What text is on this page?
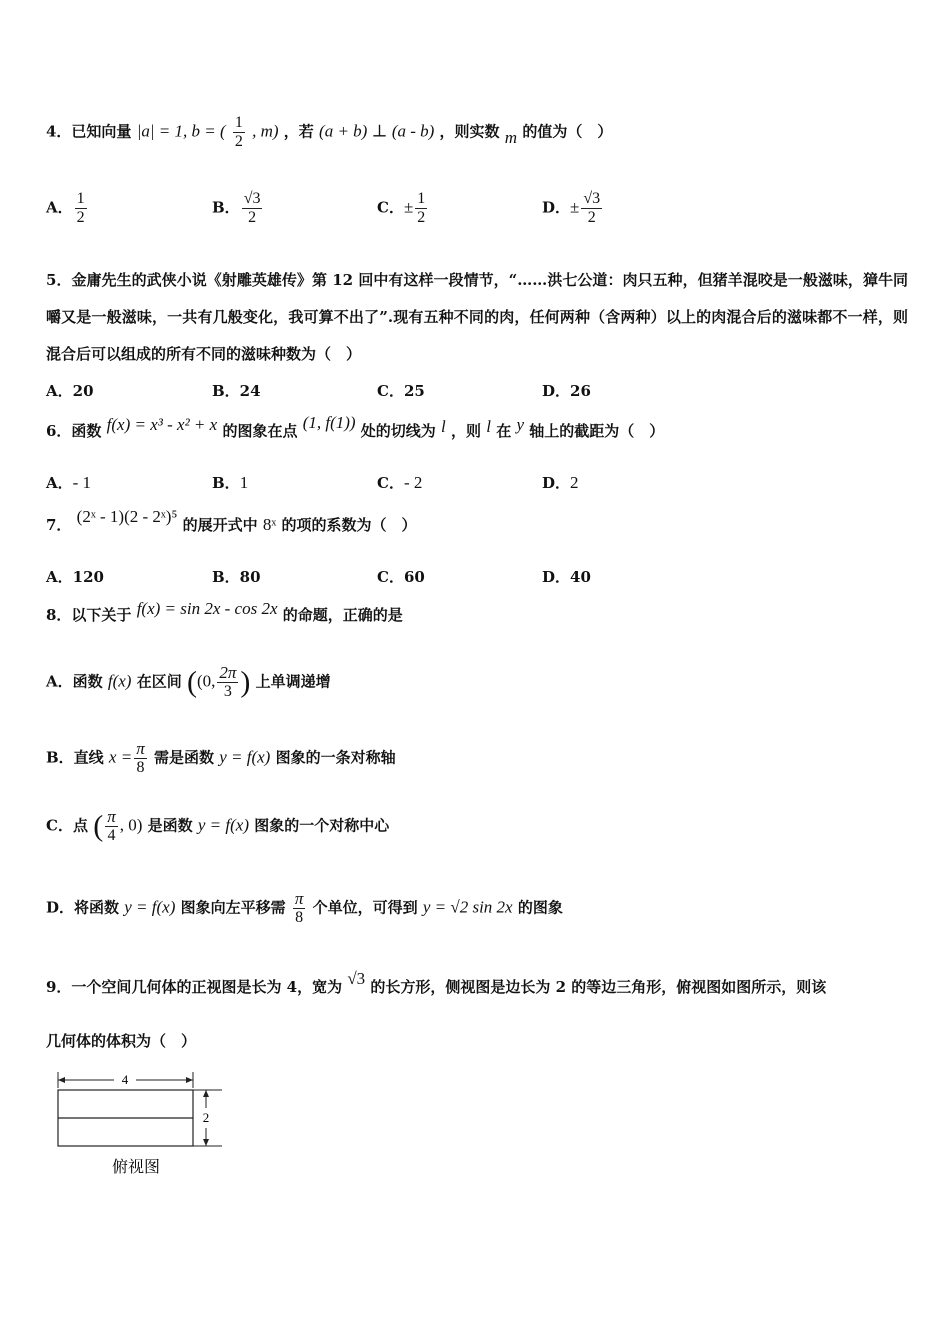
4．已知向量 |a| = 1, b = ( $\frac{1}{2}$ , m) ，若 (a + b) ⊥ (a - b) ，则实数 m 的值为（　）
A． $\frac{1}{2}$	B． $\frac{√3}{2}$	C．± $\frac{1}{2}$	D．± $\frac{√3}{2}$
5．金庸先生的武侠小说《射雕英雄传》第 12 回中有这样一段情节，“……洪七公道：肉只五种，但猪羊混咬是一般滋味，獐牛同嚼又是一般滋味，一共有几般变化，我可算不出了”.现有五种不同的肉，任何两种（含两种）以上的肉混合后的滋味都不一样，则混合后可以组成的所有不同的滋味种数为（　）
A．20	B．24	C．25	D．26
6．函数 f(x) = x³ - x² + x 的图象在点 (1, f(1)) 处的切线为 l ，则 l 在 y 轴上的截距为（　）
A．- 1	B．1	C．- 2	D．2
7． (2ˣ - 1)(2 - 2ˣ)⁵ 的展开式中 8ˣ 的项的系数为（　）
A．120	B．80	C．60	D．40
8．以下关于 f(x) = sin 2x - cos 2x 的命题，正确的是
A．函数 f(x) 在区间 ((0, $\frac{2\pi}{3}$ ) 上单调递增
B．直线 $x = \frac{\pi}{8}$ 需是函数 y = f(x) 图象的一条对称轴
C．点 ( $\frac{\pi}{4}$ , 0) 是函数 y = f(x) 图象的一个对称中心
D．将函数 y = f(x) 图象向左平移需 $\frac{\pi}{8}$ 个单位，可得到 y = √2 sin 2x 的图象
9．一个空间几何体的正视图是长为 4，宽为 √3 的长方形，侧视图是边长为 2 的等边三角形，俯视图如图所示，则该
几何体的体积为（　）
4
2
俯视图
